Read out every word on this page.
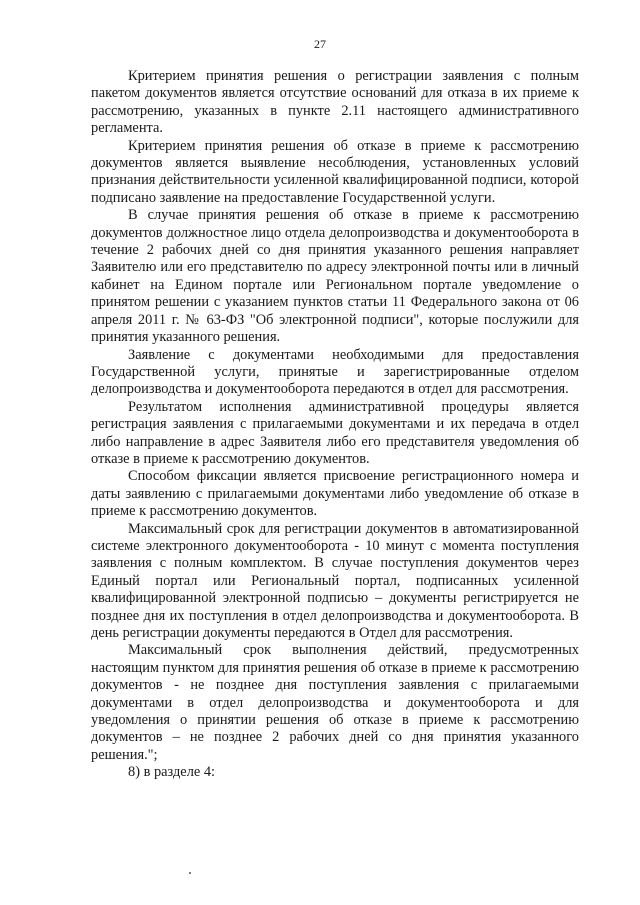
27

Критерием принятия решения о регистрации заявления с полным пакетом документов является отсутствие оснований для отказа в их приеме к рассмотрению, указанных в пункте 2.11 настоящего административного регламента.

Критерием принятия решения об отказе в приеме к рассмотрению документов является выявление несоблюдения, установленных условий признания действительности усиленной квалифицированной подписи, которой подписано заявление на предоставление Государственной услуги.

В случае принятия решения об отказе в приеме к рассмотрению документов должностное лицо отдела делопроизводства и документооборота в течение 2 рабочих дней со дня принятия указанного решения направляет Заявителю или его представителю по адресу электронной почты или в личный кабинет на Едином портале или Региональном портале уведомление о принятом решении с указанием пунктов статьи 11 Федерального закона от 06 апреля 2011 г. № 63-ФЗ "Об электронной подписи", которые послужили для принятия указанного решения.

Заявление с документами необходимыми для предоставления Государственной услуги, принятые и зарегистрированные отделом делопроизводства и документооборота передаются в отдел для рассмотрения.

Результатом исполнения административной процедуры является регистрация заявления с прилагаемыми документами и их передача в отдел либо направление в адрес Заявителя либо его представителя уведомления об отказе в приеме к рассмотрению документов.

Способом фиксации является присвоение регистрационного номера и даты заявлению с прилагаемыми документами либо уведомление об отказе в приеме к рассмотрению документов.

Максимальный срок для регистрации документов в автоматизированной системе электронного документооборота - 10 минут с момента поступления заявления с полным комплектом. В случае поступления документов через Единый портал или Региональный портал, подписанных усиленной квалифицированной электронной подписью – документы регистрируется не позднее дня их поступления в отдел делопроизводства и документооборота. В день регистрации документы передаются в Отдел для рассмотрения.

Максимальный срок выполнения действий, предусмотренных настоящим пунктом для принятия решения об отказе в приеме к рассмотрению документов - не позднее дня поступления заявления с прилагаемыми документами в отдел делопроизводства и документооборота и для уведомления о принятии решения об отказе в приеме к рассмотрению документов – не позднее 2 рабочих дней со дня принятия указанного решения.";

8) в разделе 4:
